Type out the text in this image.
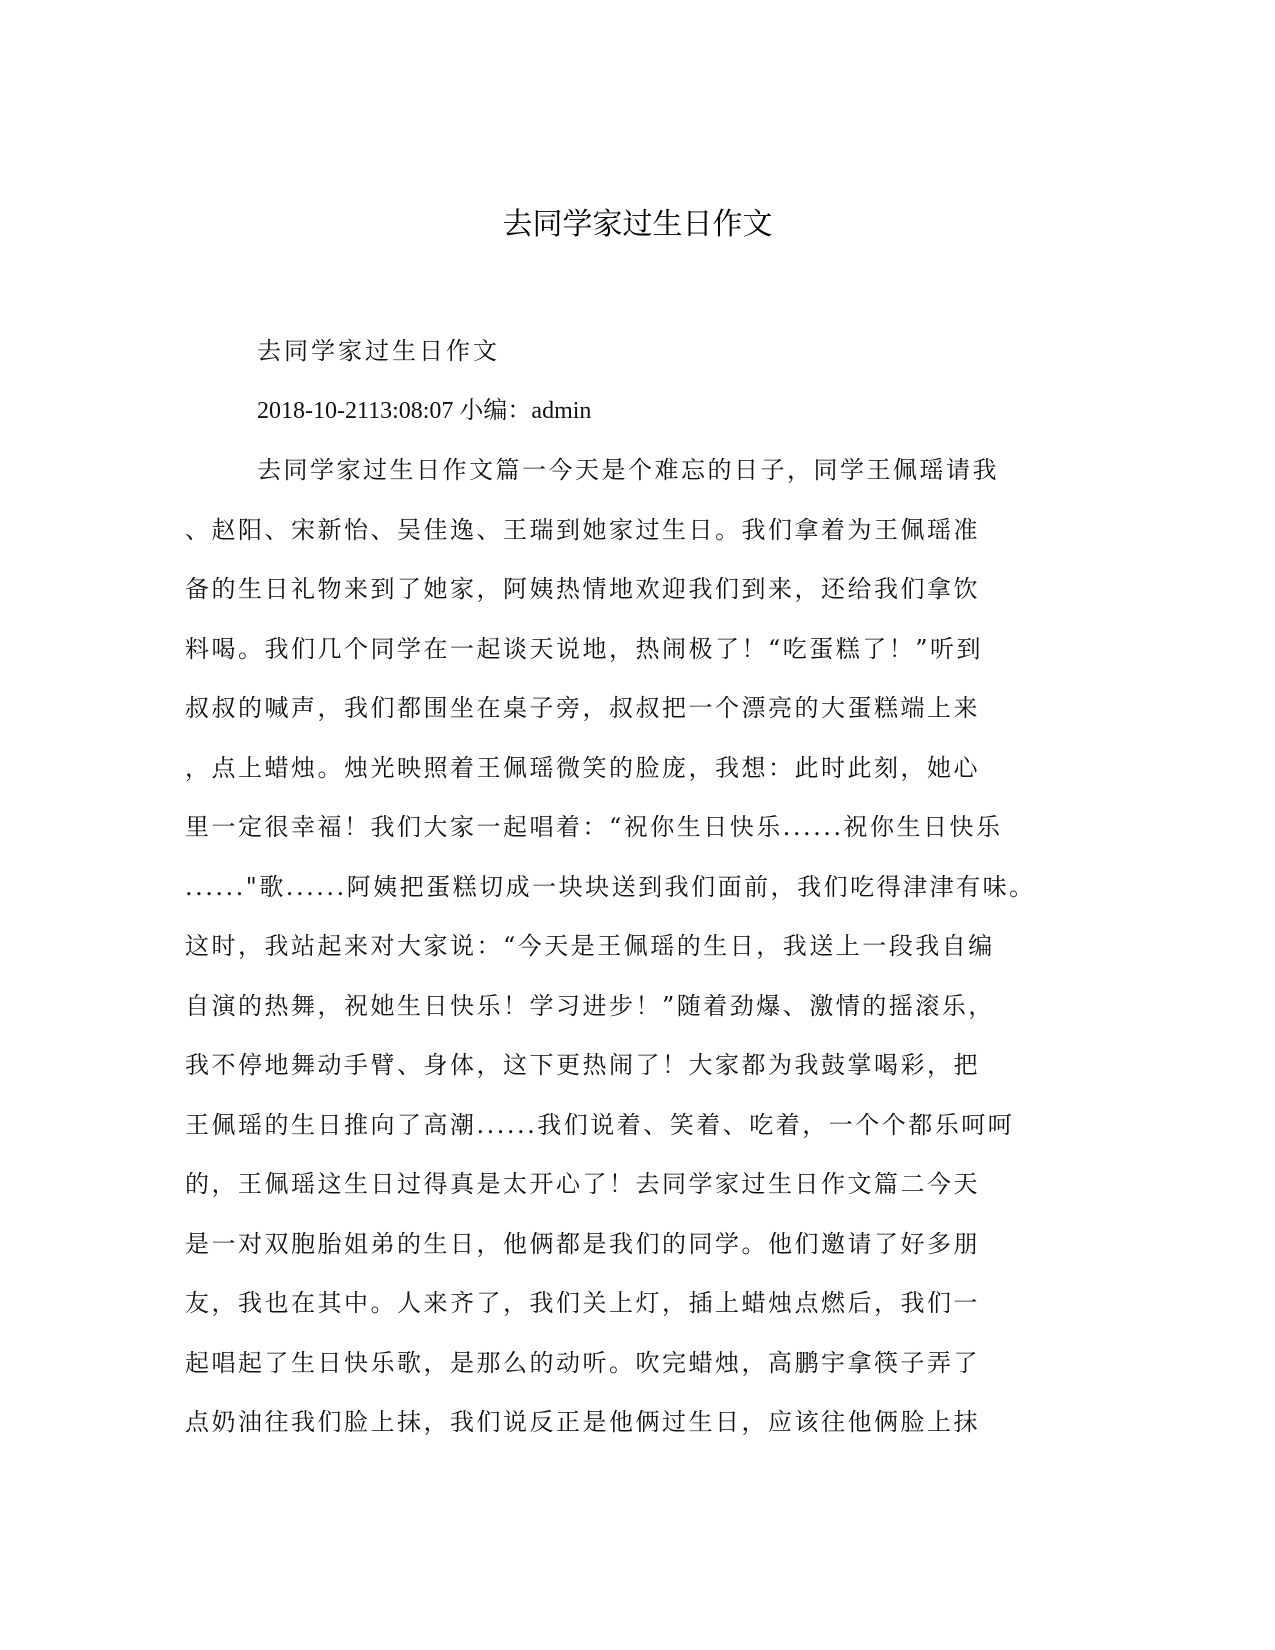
去同学家过生日作文

去同学家过生日作文

2018-10-2113:08:07 小编：admin

去同学家过生日作文篇一今天是个难忘的日子，同学王佩瑶请我
、赵阳、宋新怡、吴佳逸、王瑞到她家过生日。我们拿着为王佩瑶准
备的生日礼物来到了她家，阿姨热情地欢迎我们到来，还给我们拿饮
料喝。我们几个同学在一起谈天说地，热闹极了！“吃蛋糕了！”听到
叔叔的喊声，我们都围坐在桌子旁，叔叔把一个漂亮的大蛋糕端上来
，点上蜡烛。烛光映照着王佩瑶微笑的脸庞，我想：此时此刻，她心
里一定很幸福！我们大家一起唱着：“祝你生日快乐......祝你生日快乐
......"歌......阿姨把蛋糕切成一块块送到我们面前，我们吃得津津有味。
这时，我站起来对大家说：“今天是王佩瑶的生日，我送上一段我自编
自演的热舞，祝她生日快乐！学习进步！”随着劲爆、激情的摇滚乐，
我不停地舞动手臂、身体，这下更热闹了！大家都为我鼓掌喝彩，把
王佩瑶的生日推向了高潮......我们说着、笑着、吃着，一个个都乐呵呵
的，王佩瑶这生日过得真是太开心了！去同学家过生日作文篇二今天
是一对双胞胎姐弟的生日，他俩都是我们的同学。他们邀请了好多朋
友，我也在其中。人来齐了，我们关上灯，插上蜡烛点燃后，我们一
起唱起了生日快乐歌，是那么的动听。吹完蜡烛，高鹏宇拿筷子弄了
点奶油往我们脸上抹，我们说反正是他俩过生日，应该往他俩脸上抹
